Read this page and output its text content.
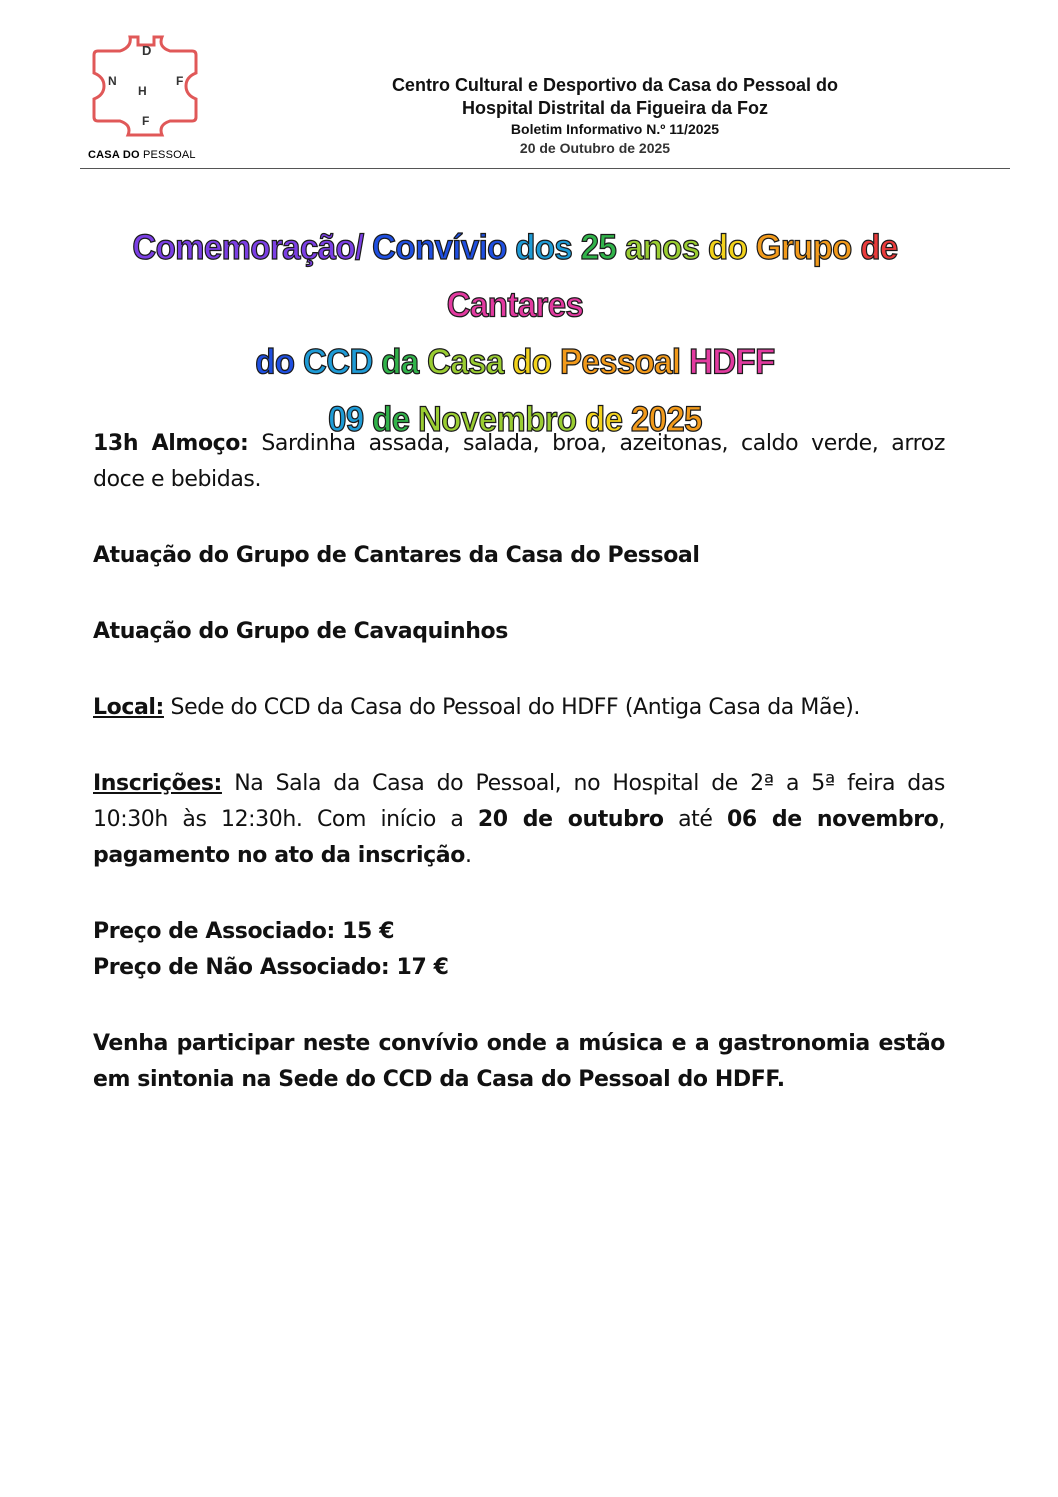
D
N	F
H
F
CASA DO PESSOAL
Centro Cultural e Desportivo da Casa do Pessoal do
Hospital Distrital da Figueira da Foz
Boletim Informativo N.º 11/2025
20 de Outubro de 2025
Comemoração/ Convívio dos 25 anos do Grupo de Cantares
do CCD da Casa do Pessoal HDFF
09 de Novembro de 2025

13h Almoço: Sardinha assada, salada, broa, azeitonas, caldo verde, arroz doce e bebidas.

Atuação do Grupo de Cantares da Casa do Pessoal

Atuação do Grupo de Cavaquinhos

Local: Sede do CCD da Casa do Pessoal do HDFF (Antiga Casa da Mãe).

Inscrições: Na Sala da Casa do Pessoal, no Hospital de 2ª a 5ª feira das 10:30h às 12:30h. Com início a 20 de outubro até 06 de novembro, pagamento no ato da inscrição.

Preço de Associado: 15 €

Preço de Não Associado: 17 €

Venha participar neste convívio onde a música e a gastronomia estão em sintonia na Sede do CCD da Casa do Pessoal do HDFF.
